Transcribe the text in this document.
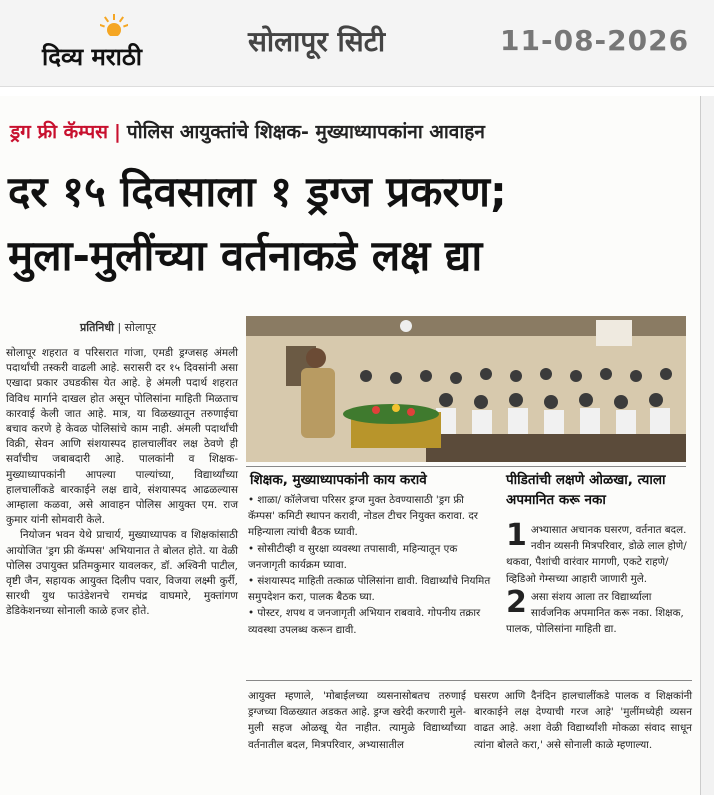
दिव्य मराठी	सोलापूर सिटी	11-08-2026
ड्रग फ्री कॅम्पस | पोलिस आयुक्तांचे शिक्षक- मुख्याध्यापकांना आवाहन
दर १५ दिवसाला १ ड्रग्ज प्रकरण;
मुला-मुलींच्या वर्तनाकडे लक्ष द्या
प्रतिनिधी | सोलापूर

सोलापूर शहरात व परिसरात गांजा, एमडी ड्रग्जसह अंमली पदार्थांची तस्करी वाढली आहे. सरासरी दर १५ दिवसांनी असा एखादा प्रकार उघडकीस येत आहे. हे अंमली पदार्थ शहरात विविध मार्गाने दाखल होत असून पोलिसांना माहिती मिळताच कारवाई केली जात आहे. मात्र, या विळख्यातून तरुणाईचा बचाव करणे हे केवळ पोलिसांचे काम नाही. अंमली पदार्थांची विक्री, सेवन आणि संशयास्पद हालचालींवर लक्ष ठेवणे ही सर्वांचीच जबाबदारी आहे. पालकांनी व शिक्षक- मुख्याध्यापकांनी आपल्या पाल्यांच्या, विद्यार्थ्यांच्या हालचालींकडे बारकाईने लक्ष द्यावे, संशयास्पद आढळल्यास आम्हाला कळवा, असे आवाहन पोलिस आयुक्त एम. राज कुमार यांनी सोमवारी केले.

नियोजन भवन येथे प्राचार्य, मुख्याध्यापक व शिक्षकांसाठी आयोजित 'ड्रग फ्री कॅम्पस' अभियानात ते बोलत होते. या वेळी पोलिस उपायुक्त प्रतिमकुमार यावलकर, डॉ. अश्विनी पाटील, वृष्टी जैन, सहायक आयुक्त दिलीप पवार, विजया लक्ष्मी कुर्री, सारथी युथ फाउंडेशनचे रामचंद्र वाघमारे, मुक्तांगण डेडिकेशनच्या सोनाली काळे हजर होते.

शिक्षक, मुख्याध्यापकांनी काय करावे

• शाळा/ कॉलेजचा परिसर ड्रग्ज मुक्त ठेवण्यासाठी 'ड्रग फ्री कॅम्पस' कमिटी स्थापन करावी, नोडल टीचर नियुक्त करावा. दर महिन्याला त्यांची बैठक घ्यावी.

• सोसीटीव्ही व सुरक्षा व्यवस्था तपासावी, महिन्यातून एक जनजागृती कार्यक्रम घ्यावा.

• संशयास्पद माहिती तत्काळ पोलिसांना द्यावी. विद्यार्थ्यांचे नियमित समुपदेशन करा, पालक बैठक घ्या.

• पोस्टर, शपथ व जनजागृती अभियान राबवावे. गोपनीय तक्रार व्यवस्था उपलब्ध करून द्यावी.

पीडितांची लक्षणे ओळखा, त्याला अपमानित करू नका

1 अभ्यासात अचानक घसरण, वर्तनात बदल. नवीन व्यसनी मित्रपरिवार, डोळे लाल होणे/थकवा, पैशांची वारंवार मागणी, एकटे राहणे/ व्हिडिओ गेम्सच्या आहारी जाणारी मुले.

2 असा संशय आला तर विद्यार्थ्याला सार्वजनिक अपमानित करू नका. शिक्षक, पालक, पोलिसांना माहिती द्या.

आयुक्त म्हणाले, 'मोबाईलच्या व्यसनासोबतच तरुणाई ड्रग्जच्या विळख्यात अडकत आहे. ड्रग्ज खरेदी करणारी मुले- मुली सहज ओळखू येत नाहीत. त्यामुळे विद्यार्थ्यांच्या वर्तनातील बदल, मित्रपरिवार, अभ्यासातील
घसरण आणि दैनंदिन हालचालींकडे पालक व शिक्षकांनी बारकाईने लक्ष देण्याची गरज आहे' 'मुलींमध्येही व्यसन वाढत आहे. अशा वेळी विद्यार्थ्यांशी मोकळा संवाद साधून त्यांना बोलते करा,' असे सोनाली काळे म्हणाल्या.
